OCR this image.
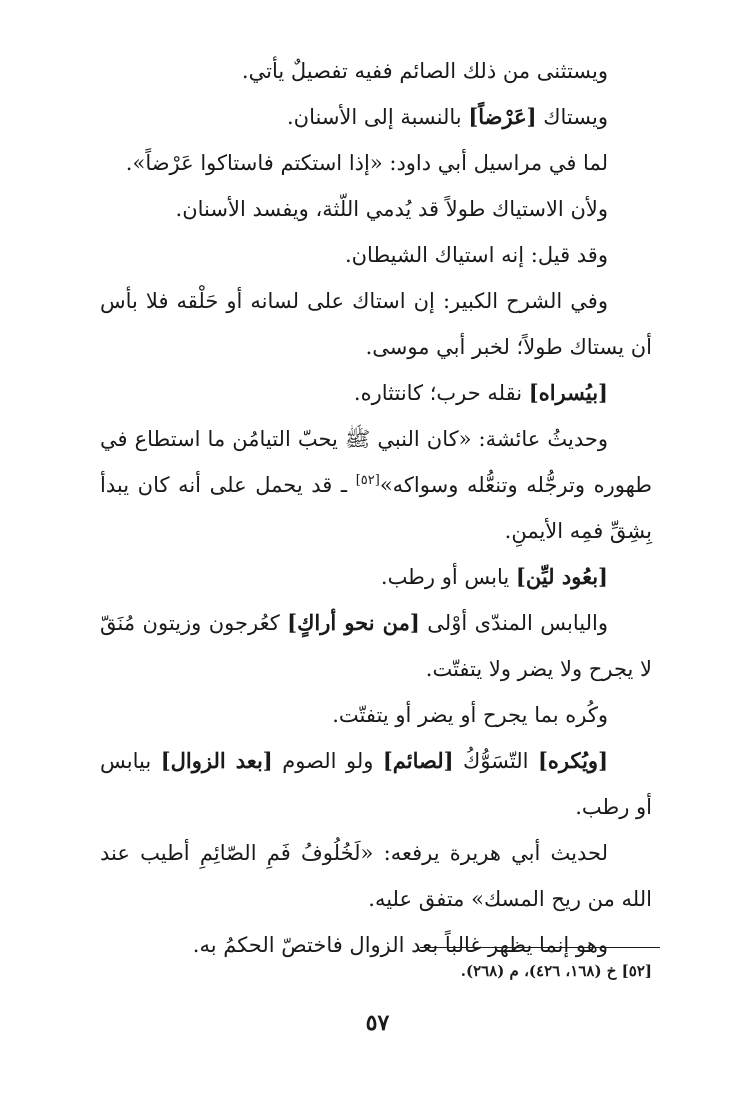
ويستثنى من ذلك الصائم ففيه تفصيلٌ يأتي.

ويستاك [عَرْضاً] بالنسبة إلى الأسنان.

لما في مراسيل أبي داود: «إذا استكتم فاستاكوا عَرْضاً».

ولأن الاستياك طولاً قد يُدمي اللّثة، ويفسد الأسنان.

وقد قيل: إنه استياك الشيطان.

وفي الشرح الكبير: إن استاك على لسانه أو حَلْقه فلا بأس أن يستاك طولاً؛ لخبر أبي موسى.

[بيُسراه] نقله حرب؛ كانتثاره.

وحديثُ عائشة: «كان النبي ﷺ يحبّ التيامُن ما استطاع في طهوره وترجُّله وتنعُّله وسواكه»[٥٢] ـ قد يحمل على أنه كان يبدأ بِشِقِّ فمِه الأيمنِ.

[بعُود ليِّن] يابس أو رطب.

واليابس المندّى أوْلى [من نحو أراكٍ] كعُرجون وزيتون مُنَقّ لا يجرح ولا يضر ولا يتفتّت.

وكُره بما يجرح أو يضر أو يتفتّت.

[ويُكره] التّسَوُّكُ [لصائم] ولو الصوم [بعد الزوال] بيابس أو رطب.

لحديث أبي هريرة يرفعه: «لَخُلُوفُ فَمِ الصّائِمِ أطيب عند الله من ريح المسك» متفق عليه.

وهو إنما يظهر غالباً بعد الزوال فاختصّ الحكمُ به.

[٥٢] خ (١٦٨، ٤٢٦)، م (٢٦٨).
٥٧
